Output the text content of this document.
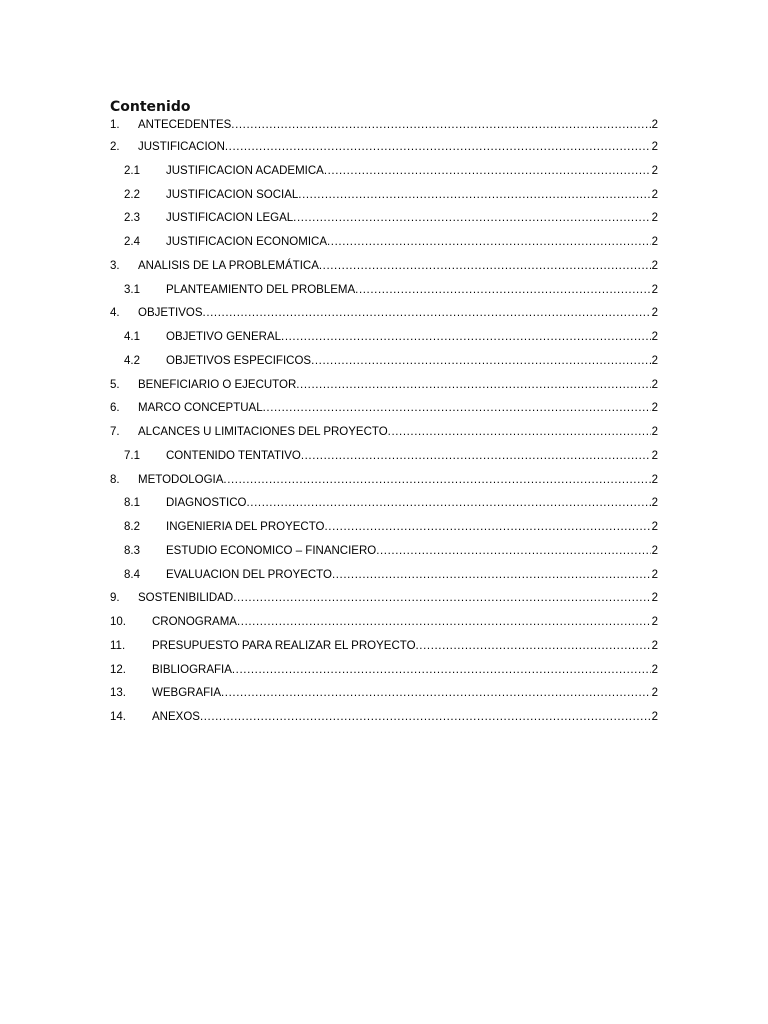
Contenido
1.	ANTECEDENTES .....	2
2.	JUSTIFICACION .....	2
2.1	JUSTIFICACION ACADEMICA .....	2
2.2	JUSTIFICACION SOCIAL .....	2
2.3	JUSTIFICACION LEGAL .....	2
2.4	JUSTIFICACION ECONOMICA .....	2
3.	ANALISIS DE LA PROBLEMÁTICA .....	2
3.1	PLANTEAMIENTO DEL PROBLEMA .....	2
4.	OBJETIVOS .....	2
4.1	OBJETIVO GENERAL .....	2
4.2	OBJETIVOS ESPECIFICOS .....	2
5.	BENEFICIARIO O EJECUTOR .....	2
6.	MARCO CONCEPTUAL .....	2
7.	ALCANCES U LIMITACIONES DEL PROYECTO .....	2
7.1	CONTENIDO TENTATIVO .....	2
8.	METODOLOGIA .....	2
8.1	DIAGNOSTICO .....	2
8.2	INGENIERIA DEL PROYECTO .....	2
8.3	ESTUDIO ECONOMICO – FINANCIERO .....	2
8.4	EVALUACION DEL PROYECTO .....	2
9.	SOSTENIBILIDAD .....	2
10.	CRONOGRAMA .....	2
11.	PRESUPUESTO PARA REALIZAR EL PROYECTO .....	2
12.	BIBLIOGRAFIA .....	2
13.	WEBGRAFIA .....	2
14.	ANEXOS .....	2
